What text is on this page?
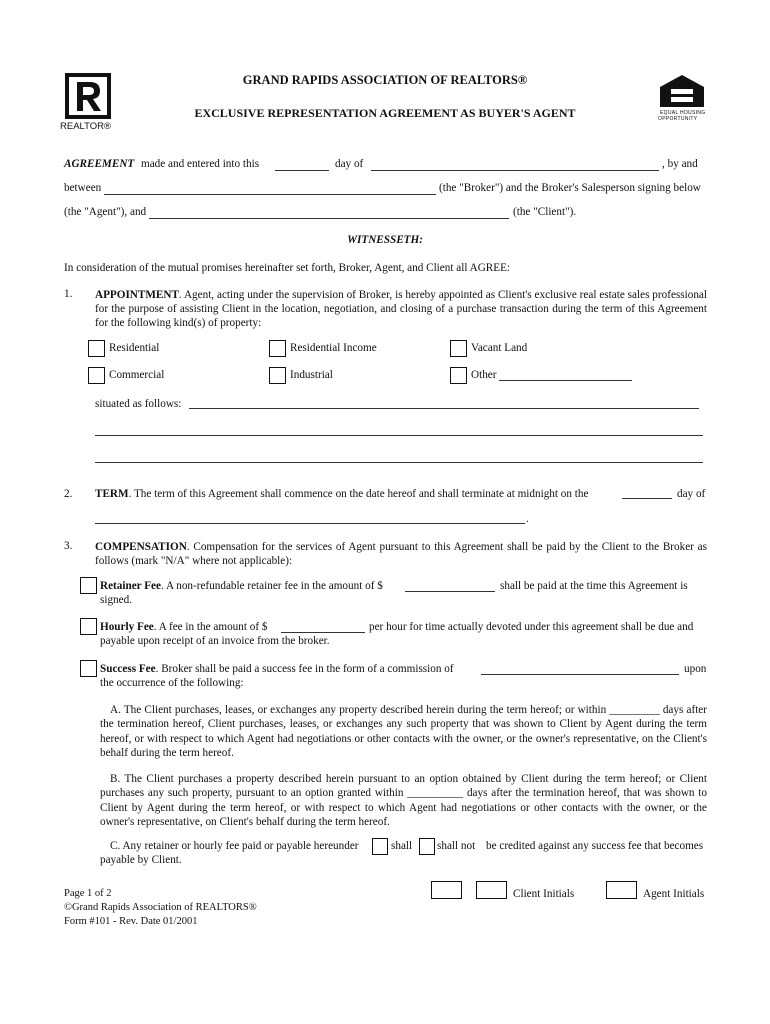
REALTOR®
EQUAL HOUSING
OPPORTUNITY
GRAND RAPIDS ASSOCIATION OF REALTORS®
EXCLUSIVE REPRESENTATION AGREEMENT AS BUYER'S AGENT
AGREEMENT made and entered into this	day of	, by and
between	(the "Broker") and the Broker's Salesperson signing below
(the "Agent"), and	(the "Client").
WITNESSETH:
In consideration of the mutual promises hereinafter set forth, Broker, Agent, and Client all AGREE:
1. APPOINTMENT. Agent, acting under the supervision of Broker, is hereby appointed as Client's exclusive real estate sales professional for the purpose of assisting Client in the location, negotiation, and closing of a purchase transaction during the term of this Agreement for the following kind(s) of property:
Residential	Residential Income	Vacant Land
Commercial	Industrial	Other
situated as follows:
2. TERM. The term of this Agreement shall commence on the date hereof and shall terminate at midnight on the	day of
.
3. COMPENSATION. Compensation for the services of Agent pursuant to this Agreement shall be paid by the Client to the Broker as follows (mark "N/A" where not applicable):
Retainer Fee. A non-refundable retainer fee in the amount of $	shall be paid at the time this Agreement is
signed.
Hourly Fee. A fee in the amount of $	per hour for time actually devoted under this agreement shall be due and
payable upon receipt of an invoice from the broker.
Success Fee. Broker shall be paid a success fee in the form of a commission of	upon
the occurrence of the following:
A. The Client purchases, leases, or exchanges any property described herein during the term hereof; or within _________ days after the termination hereof, Client purchases, leases, or exchanges any such property that was shown to Client by Agent during the term hereof, or with respect to which Agent had negotiations or other contacts with the owner, or the owner's representative, on the Client's behalf during the term hereof.
B. The Client purchases a property described herein pursuant to an option obtained by Client during the term hereof; or Client purchases any such property, pursuant to an option granted within __________ days after the termination hereof, that was shown to Client by Agent during the term hereof, or with respect to which Agent had negotiations or other contacts with the owner, or the owner's representative, on Client's behalf during the term hereof.
C. Any retainer or hourly fee paid or payable hereunder	shall shall not be credited against any success fee that becomes
payable by Client.
Page 1 of 2
©Grand Rapids Association of REALTORS®
Form #101 - Rev. Date 01/2001
Client Initials	Agent Initials
